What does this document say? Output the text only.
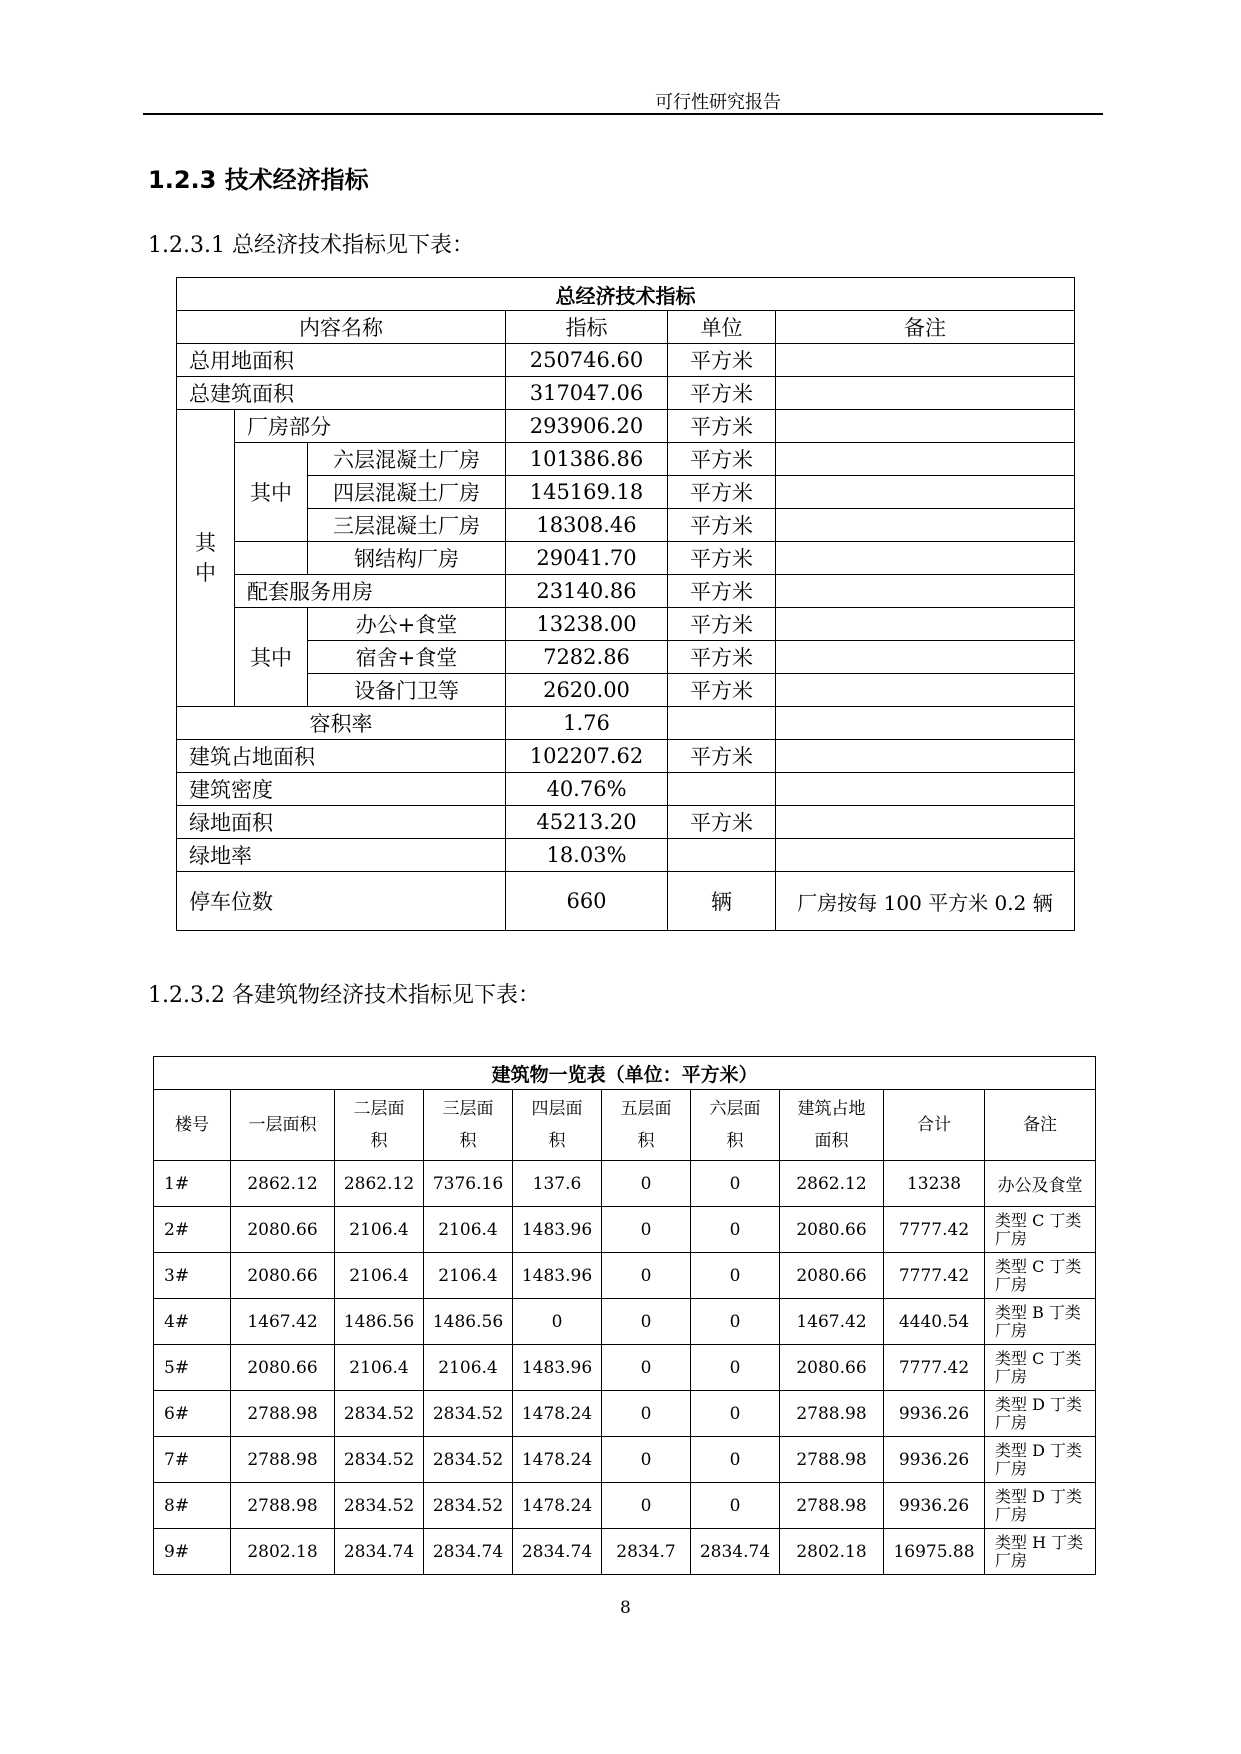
可行性研究报告
1.2.3 技术经济指标
1.2.3.1 总经济技术指标见下表：
总经济技术指标					
内容名称			指标	单位	备注
总用地面积			250746.60	平方米	
总建筑面积			317047.06	平方米	
其
中	厂房部分		293906.20	平方米	
	其中	六层混凝土厂房	101386.86	平方米	
		四层混凝土厂房	145169.18	平方米	
		三层混凝土厂房	18308.46	平方米	
		钢结构厂房	29041.70	平方米	
	配套服务用房		23140.86	平方米	
	其中	办公+食堂	13238.00	平方米	
		宿舍+食堂	7282.86	平方米	
		设备门卫等	2620.00	平方米	
容积率			1.76		
建筑占地面积			102207.62	平方米	
建筑密度			40.76%		
绿地面积			45213.20	平方米	
绿地率			18.03%		
停车位数			660	辆	厂房按每 100 平方米 0.2 辆
1.2.3.2 各建筑物经济技术指标见下表：
建筑物一览表（单位：平方米）									
楼号	一层面积	二层面
积	三层面
积	四层面
积	五层面
积	六层面
积	建筑占地
面积	合计	备注
1#	2862.12	2862.12	7376.16	137.6	0	0	2862.12	13238	办公及食堂
2#	2080.66	2106.4	2106.4	1483.96	0	0	2080.66	7777.42	类型 C 丁类
厂房
3#	2080.66	2106.4	2106.4	1483.96	0	0	2080.66	7777.42	类型 C 丁类
厂房
4#	1467.42	1486.56	1486.56	0	0	0	1467.42	4440.54	类型 B 丁类
厂房
5#	2080.66	2106.4	2106.4	1483.96	0	0	2080.66	7777.42	类型 C 丁类
厂房
6#	2788.98	2834.52	2834.52	1478.24	0	0	2788.98	9936.26	类型 D 丁类
厂房
7#	2788.98	2834.52	2834.52	1478.24	0	0	2788.98	9936.26	类型 D 丁类
厂房
8#	2788.98	2834.52	2834.52	1478.24	0	0	2788.98	9936.26	类型 D 丁类
厂房
9#	2802.18	2834.74	2834.74	2834.74	2834.7	2834.74	2802.18	16975.88	类型 H 丁类
厂房
8
